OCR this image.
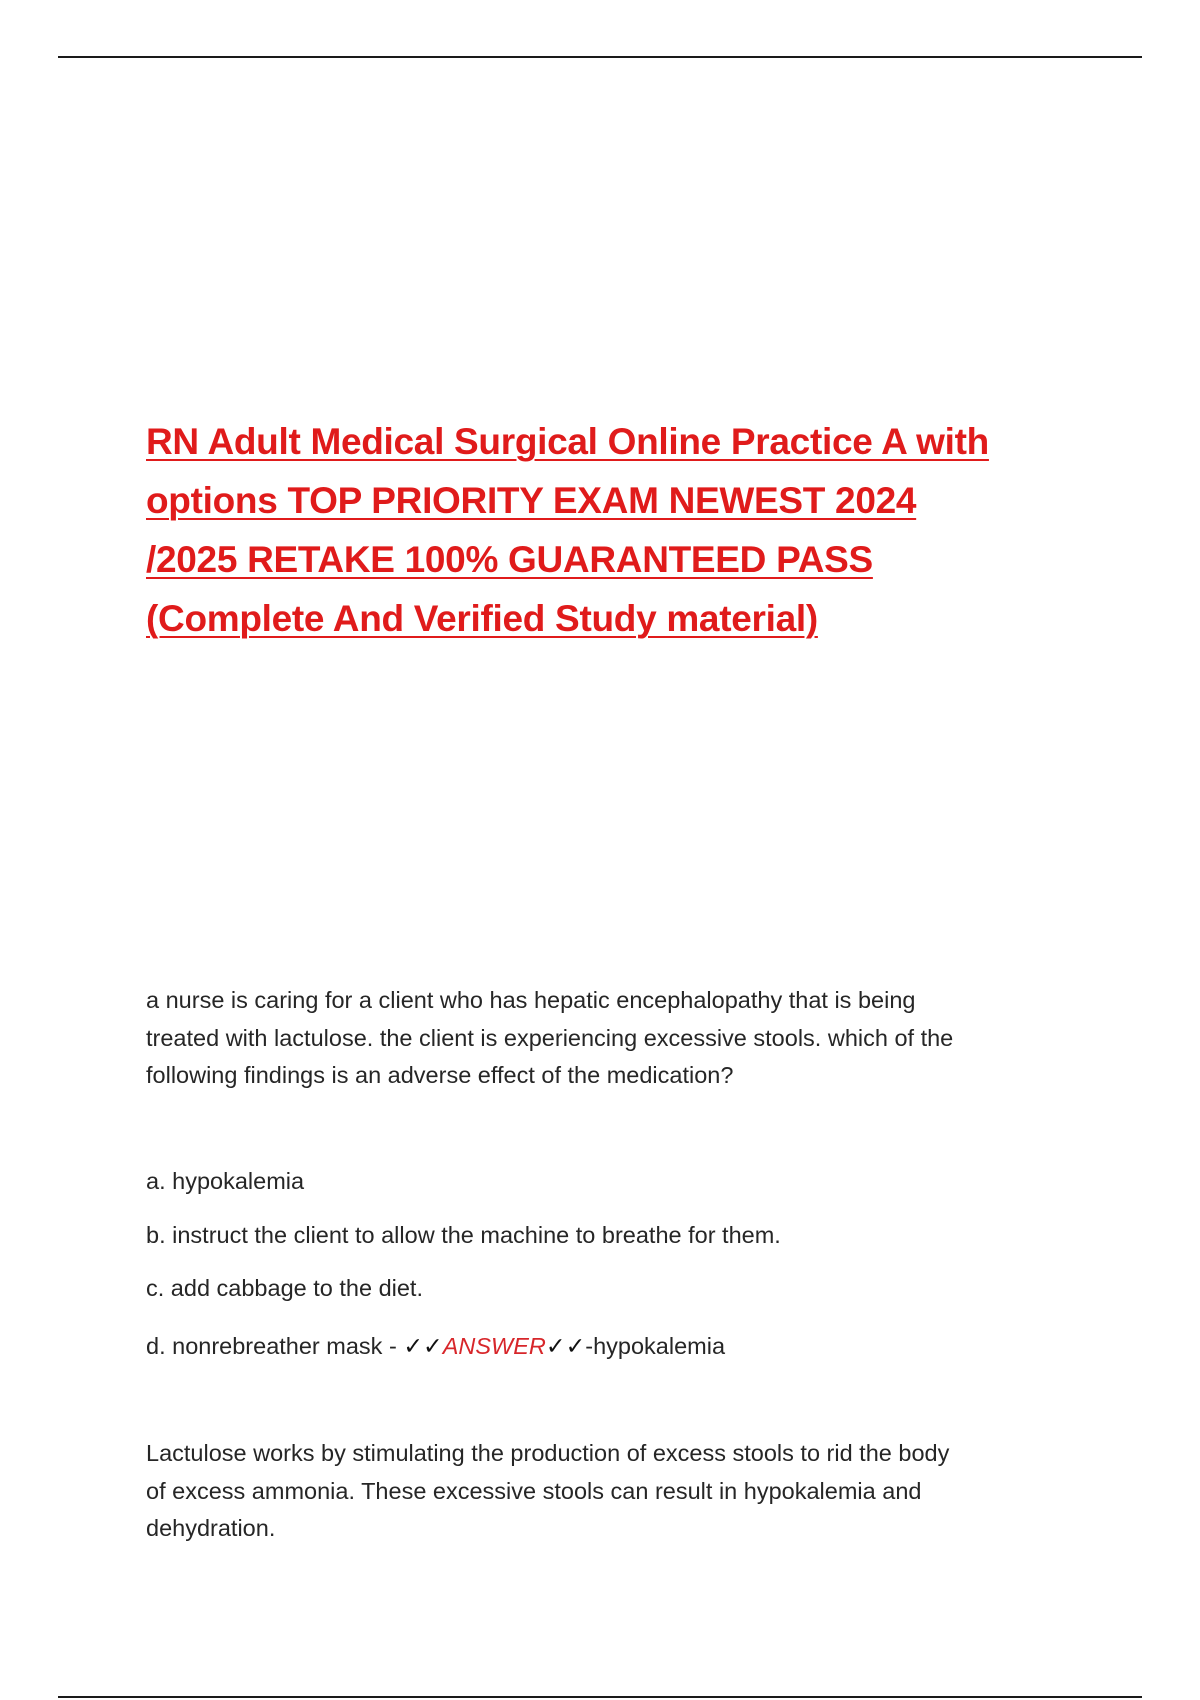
RN Adult Medical Surgical Online Practice A with
options TOP PRIORITY EXAM NEWEST 2024
/2025 RETAKE 100% GUARANTEED PASS
(Complete And Verified Study material)

a nurse is caring for a client who has hepatic encephalopathy that is being
treated with lactulose. the client is experiencing excessive stools. which of the
following findings is an adverse effect of the medication?

a. hypokalemia

b. instruct the client to allow the machine to breathe for them.

c. add cabbage to the diet.

d. nonrebreather mask - ✓✓ANSWER✓✓-hypokalemia

Lactulose works by stimulating the production of excess stools to rid the body
of excess ammonia. These excessive stools can result in hypokalemia and
dehydration.
